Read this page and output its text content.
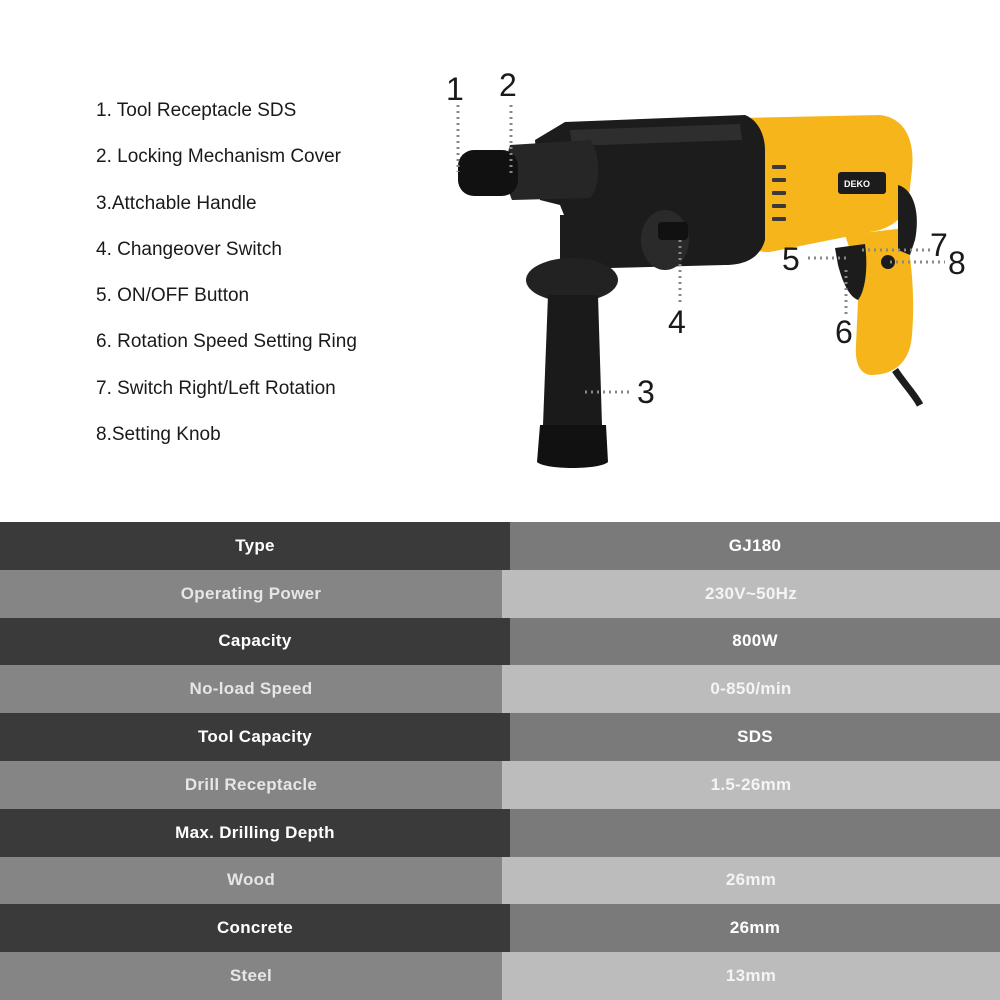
1. Tool Receptacle SDS
2. Locking Mechanism Cover
3.Attchable Handle
4. Changeover Switch
5. ON/OFF Button
6. Rotation Speed Setting Ring
7. Switch Right/Left Rotation
8.Setting Knob
DEKO
1 2
3
4
5
6
7 8
Type	GJ180
Operating Power	230V~50Hz
Capacity	800W
No-load Speed	0-850/min
Tool Capacity	SDS
Drill Receptacle	1.5-26mm
Max. Drilling Depth
Wood	26mm
Concrete	26mm
Steel	13mm
